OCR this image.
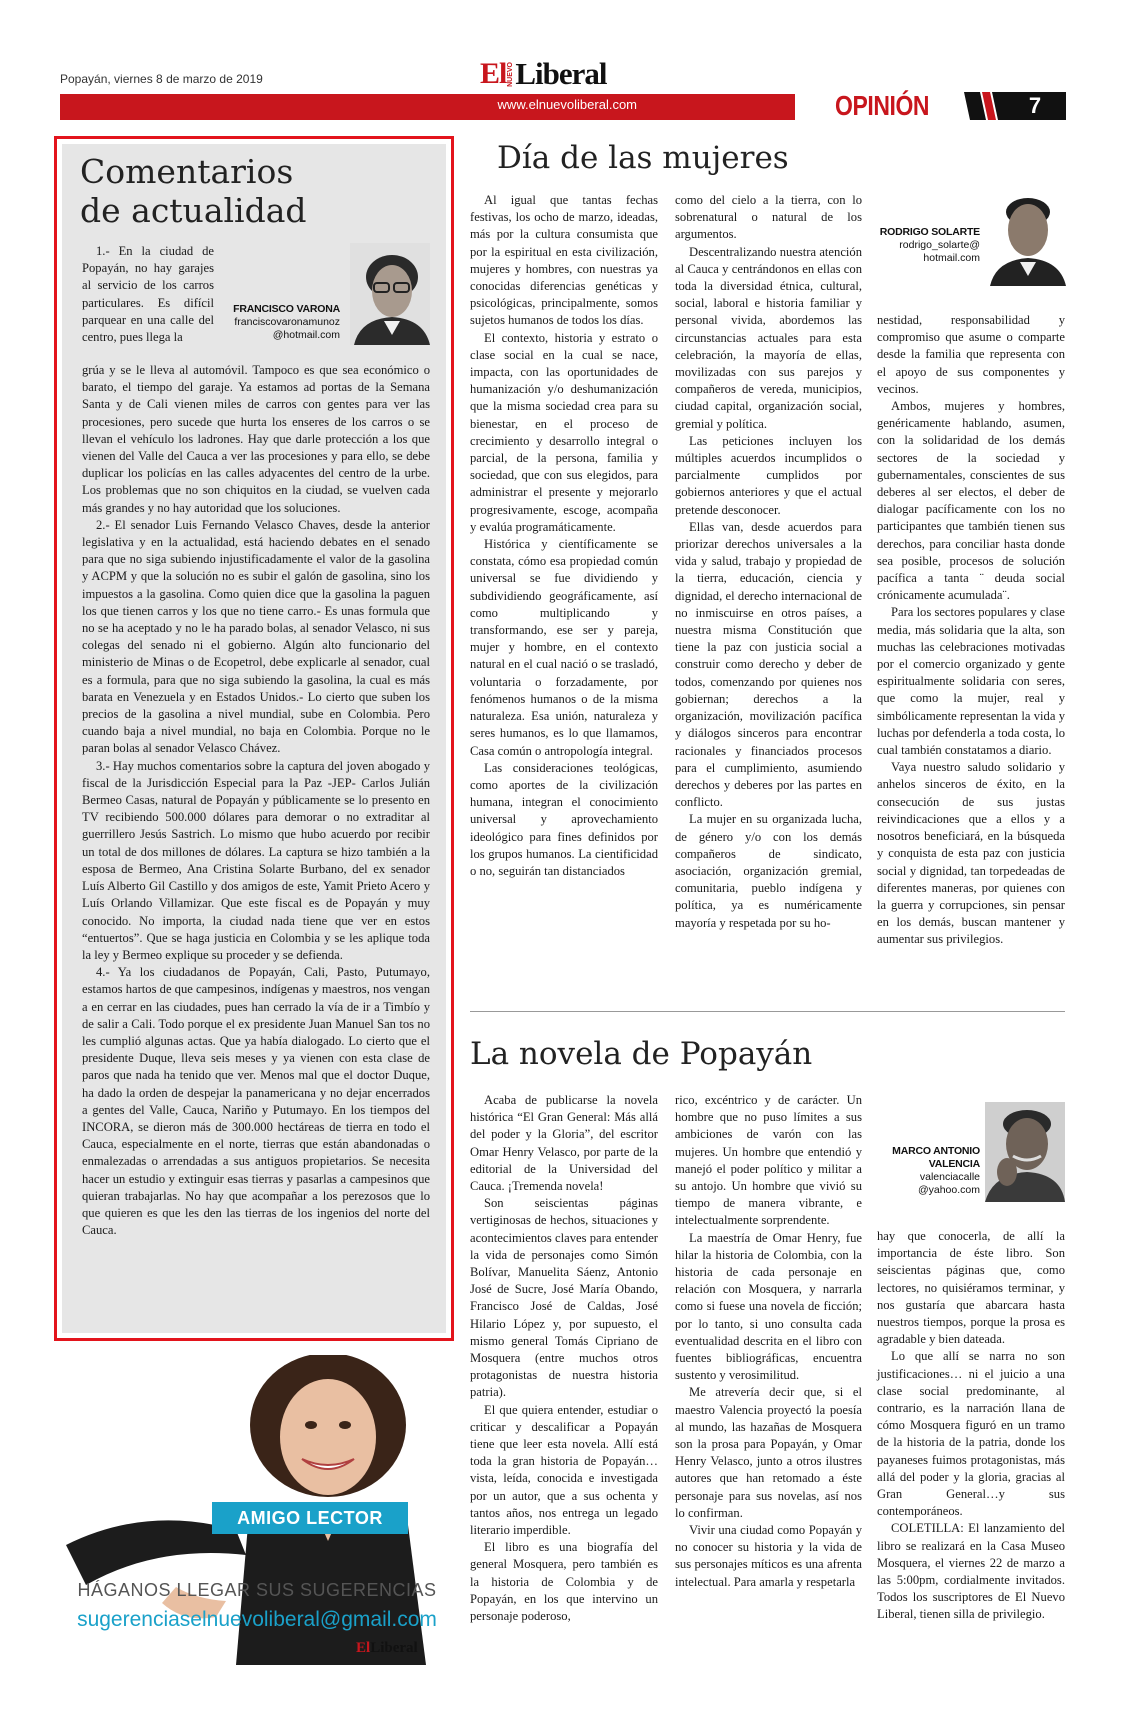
Popayán, viernes 8 de marzo de 2019	El NUEVO Liberal
www.elnuevoliberal.com	OPINIÓN	7
Comentarios
de actualidad

1.- En la ciudad de Popayán, no hay garajes al servicio de los carros particulares. Es difícil parquear en una calle del centro, pues llega la

FRANCISCO VARONA
franciscovaronamunoz
@hotmail.com

grúa y se le lleva al automóvil. Tampoco es que sea económico o barato, el tiempo del garaje. Ya estamos ad portas de la Semana Santa y de Cali vienen miles de carros con gentes para ver las procesiones, pero sucede que hurta los enseres de los carros o se llevan el vehículo los ladrones. Hay que darle protección a los que vienen del Valle del Cauca a ver las procesiones y para ello, se debe duplicar los policías en las calles adyacentes del centro de la urbe. Los problemas que no son chiquitos en la ciudad, se vuelven cada más grandes y no hay autoridad que los soluciones.

2.- El senador Luis Fernando Velasco Chaves, desde la anterior legislativa y en la actualidad, está haciendo debates en el senado para que no siga subiendo injustificadamente el valor de la gasolina y ACPM y que la solución no es subir el galón de gasolina, sino los impuestos a la gasolina. Como quien dice que la gasolina la paguen los que tienen carros y los que no tiene carro.- Es unas formula que no se ha aceptado y no le ha parado bolas, al senador Velasco, ni sus colegas del senado ni el gobierno. Algún alto funcionario del ministerio de Minas o de Ecopetrol, debe explicarle al senador, cual es a formula, para que no siga subiendo la gasolina, la cual es más barata en Venezuela y en Estados Unidos.- Lo cierto que suben los precios de la gasolina a nivel mundial, sube en Colombia. Pero cuando baja a nivel mundial, no baja en Colombia. Porque no le paran bolas al senador Velasco Chávez.

3.- Hay muchos comentarios sobre la captura del joven abogado y fiscal de la Jurisdicción Especial para la Paz -JEP- Carlos Julián Bermeo Casas, natural de Popayán y públicamente se lo presento en TV recibiendo 500.000 dólares para demorar o no extraditar al guerrillero Jesús Sastrich. Lo mismo que hubo acuerdo por recibir un total de dos millones de dólares. La captura se hizo también a la esposa de Bermeo, Ana Cristina Solarte Burbano, del ex senador Luís Alberto Gil Castillo y dos amigos de este, Yamit Prieto Acero y Luís Orlando Villamizar. Que este fiscal es de Popayán y muy conocido. No importa, la ciudad nada tiene que ver en estos “entuertos”. Que se haga justicia en Colombia y se les aplique toda la ley y Bermeo explique su proceder y se defienda.

4.- Ya los ciudadanos de Popayán, Cali, Pasto, Putumayo, estamos hartos de que campesinos, indígenas y maestros, nos vengan a en cerrar en las ciudades, pues han cerrado la vía de ir a Timbío y de salir a Cali. Todo porque el ex presidente Juan Manuel San tos no les cumplió algunas actas. Que ya había dialogado. Lo cierto que el presidente Duque, lleva seis meses y ya vienen con esta clase de paros que nada ha tenido que ver. Menos mal que el doctor Duque, ha dado la orden de despejar la panamericana y no dejar encerrados a gentes del Valle, Cauca, Nariño y Putumayo. En los tiempos del INCORA, se dieron más de 300.000 hectáreas de tierra en todo el Cauca, especialmente en el norte, tierras que están abandonadas o enmalezadas o arrendadas a sus antiguos propietarios. Se necesita hacer un estudio y extinguir esas tierras y pasarlas a campesinos que quieran trabajarlas. No hay que acompañar a los perezosos que lo que quieren es que les den las tierras de los ingenios del norte del Cauca.

Día de las mujeres

Al igual que tantas fechas festivas, los ocho de marzo, ideadas, más por la cultura consumista que por la espiritual en esta civilización, mujeres y hombres, con nuestras ya conocidas diferencias genéticas y psicológicas, principalmente, somos sujetos humanos de todos los días.

El contexto, historia y estrato o clase social en la cual se nace, impacta, con las oportunidades de humanización y/o deshumanización que la misma sociedad crea para su bienestar, en el proceso de crecimiento y desarrollo integral o parcial, de la persona, familia y sociedad, que con sus elegidos, para administrar el presente y mejorarlo progresivamente, escoge, acompaña y evalúa programáticamente.

Histórica y científicamente se constata, cómo esa propiedad común universal se fue dividiendo y subdividiendo geográficamente, así como multiplicando y transformando, ese ser y pareja, mujer y hombre, en el contexto natural en el cual nació o se trasladó, voluntaria o forzadamente, por fenómenos humanos o de la misma naturaleza. Esa unión, naturaleza y seres humanos, es lo que llamamos, Casa común o antropología integral.

Las consideraciones teológicas, como aportes de la civilización humana, integran el conocimiento universal y aprovechamiento ideológico para fines definidos por los grupos humanos. La cientificidad o no, seguirán tan distanciados

como del cielo a la tierra, con lo sobrenatural o natural de los argumentos.

Descentralizando nuestra atención al Cauca y centrándonos en ellas con toda la diversidad étnica, cultural, social, laboral e historia familiar y personal vivida, abordemos las circunstancias actuales para esta celebración, la mayoría de ellas, movilizadas con sus parejos y compañeros de vereda, municipios, ciudad capital, organización social, gremial y política.

Las peticiones incluyen los múltiples acuerdos incumplidos o parcialmente cumplidos por gobiernos anteriores y que el actual pretende desconocer.

Ellas van, desde acuerdos para priorizar derechos universales a la vida y salud, trabajo y propiedad de la tierra, educación, ciencia y dignidad, el derecho internacional de no inmiscuirse en otros países, a nuestra misma Constitución que tiene la paz con justicia social a construir como derecho y deber de todos, comenzando por quienes nos gobiernan; derechos a la organización, movilización pacífica y diálogos sinceros para encontrar racionales y financiados procesos para el cumplimiento, asumiendo derechos y deberes por las partes en conflicto.

La mujer en su organizada lucha, de género y/o con los demás compañeros de sindicato, asociación, organización gremial, comunitaria, pueblo indígena y política, ya es numéricamente mayoría y respetada por su ho-

RODRIGO SOLARTE
rodrigo_solarte@
hotmail.com

nestidad, responsabilidad y compromiso que asume o comparte desde la familia que representa con el apoyo de sus componentes y vecinos.

Ambos, mujeres y hombres, genéricamente hablando, asumen, con la solidaridad de los demás sectores de la sociedad y gubernamentales, conscientes de sus deberes al ser electos, el deber de dialogar pacíficamente con los no participantes que también tienen sus derechos, para conciliar hasta donde sea posible, procesos de solución pacífica a tanta ¨ deuda social crónicamente acumulada¨.

Para los sectores populares y clase media, más solidaria que la alta, son muchas las celebraciones motivadas por el comercio organizado y gente espiritualmente solidaria con seres, que como la mujer, real y simbólicamente representan la vida y luchas por defenderla a toda costa, lo cual también constatamos a diario.

Vaya nuestro saludo solidario y anhelos sinceros de éxito, en la consecución de sus justas reivindicaciones que a ellos y a nosotros beneficiará, en la búsqueda y conquista de esta paz con justicia social y dignidad, tan torpedeadas de diferentes maneras, por quienes con la guerra y corrupciones, sin pensar en los demás, buscan mantener y aumentar sus privilegios.

La novela de Popayán

Acaba de publicarse la novela histórica “El Gran General: Más allá del poder y la Gloria”, del escritor Omar Henry Velasco, por parte de la editorial de la Universidad del Cauca. ¡Tremenda novela!

Son seiscientas páginas vertiginosas de hechos, situaciones y acontecimientos claves para entender la vida de personajes como Simón Bolívar, Manuelita Sáenz, Antonio José de Sucre, José María Obando, Francisco José de Caldas, José Hilario López y, por supuesto, el mismo general Tomás Cipriano de Mosquera (entre muchos otros protagonistas de nuestra historia patria).

El que quiera entender, estudiar o criticar y descalificar a Popayán tiene que leer esta novela. Allí está toda la gran historia de Popayán… vista, leída, conocida e investigada por un autor, que a sus ochenta y tantos años, nos entrega un legado literario imperdible.

El libro es una biografía del general Mosquera, pero también es la historia de Colombia y de Popayán, en los que intervino un personaje poderoso,

rico, excéntrico y de carácter. Un hombre que no puso límites a sus ambiciones de varón con las mujeres. Un hombre que entendió y manejó el poder político y militar a su antojo. Un hombre que vivió su tiempo de manera vibrante, e intelectualmente sorprendente.

La maestría de Omar Henry, fue hilar la historia de Colombia, con la historia de cada personaje en relación con Mosquera, y narrarla como si fuese una novela de ficción; por lo tanto, si uno consulta cada eventualidad descrita en el libro con fuentes bibliográficas, encuentra sustento y verosimilitud.

Me atrevería decir que, si el maestro Valencia proyectó la poesía al mundo, las hazañas de Mosquera son la prosa para Popayán, y Omar Henry Velasco, junto a otros ilustres autores que han retomado a éste personaje para sus novelas, así nos lo confirman.

Vivir una ciudad como Popayán y no conocer su historia y la vida de sus personajes míticos es una afrenta intelectual. Para amarla y respetarla

MARCO ANTONIO
VALENCIA
valenciacalle
@yahoo.com

hay que conocerla, de allí la importancia de éste libro. Son seiscientas páginas que, como lectores, no quisiéramos terminar, y nos gustaría que abarcara hasta nuestros tiempos, porque la prosa es agradable y bien dateada.

Lo que allí se narra no son justificaciones… ni el juicio a una clase social predominante, al contrario, es la narración llana de cómo Mosquera figuró en un tramo de la historia de la patria, donde los payaneses fuimos protagonistas, más allá del poder y la gloria, gracias al Gran General…y sus contemporáneos.

COLETILLA: El lanzamiento del libro se realizará en la Casa Museo Mosquera, el viernes 22 de marzo a las 5:00pm, cordialmente invitados. Todos los suscriptores de El Nuevo Liberal, tienen silla de privilegio.

AMIGO LECTOR
HÁGANOS LLEGAR SUS SUGERENCIAS
sugerenciaselnuevoliberal@gmail.com
ElLiberal
